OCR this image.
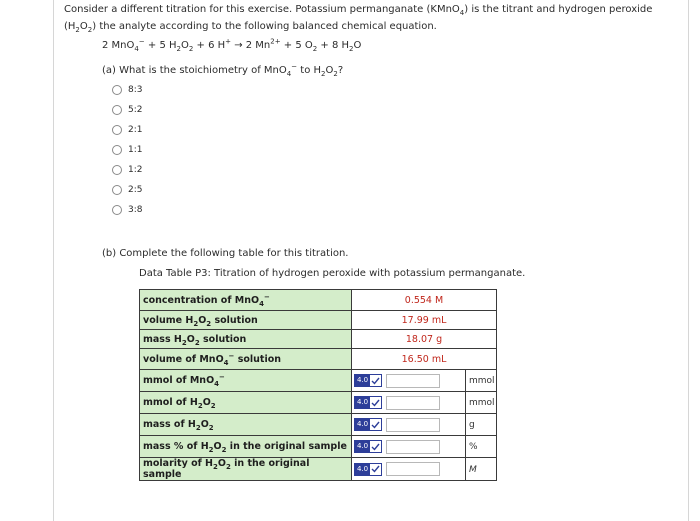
Consider a different titration for this exercise. Potassium permanganate (KMnO$_4$) is the titrant and hydrogen peroxide $(H_2O_2)$ the analyte according to the following balanced chemical equation.
2 MnO$_4$− + 5 $H_2O_2 + 6$ H+ → 2 $Mn^{2+} + 5$ $O_2 + 8$ $H_2O$
(a) What is the stoichiometry of MnO$_4$− to $H_2O_2$?
8:3
5:2
2:1
1:1
1:2
2:5
3:8
(b) Complete the following table for this titration.
Data Table P3: Titration of hydrogen peroxide with potassium permanganate.
concentration of MnO$_4$−	0.554 M	
volume $H_2O_2$ solution	17.99 mL	
mass $H_2O_2$ solution	18.07 g	
volume of MnO$_4$− solution	16.50 mL	
mmol of MnO$_4$−	4.0	mmol
mmol of $H_2O_2$	4.0	mmol
mass of $H_2O_2$	4.0	g
mass % of $H_2O_2$ in the original sample	4.0	%
molarity of $H_2O_2$ in the original sample	4.0	M
